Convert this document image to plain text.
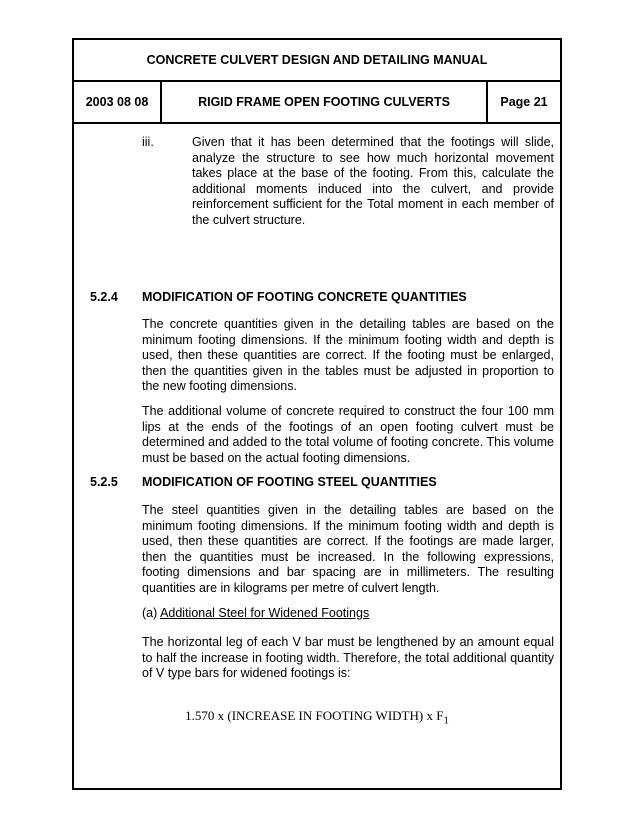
CONCRETE CULVERT DESIGN AND DETAILING MANUAL
2003 08 08	RIGID FRAME OPEN FOOTING CULVERTS	Page 21
iii.	Given that it has been determined that the footings will slide, analyze the structure to see how much horizontal movement takes place at the base of the footing. From this, calculate the additional moments induced into the culvert, and provide reinforcement sufficient for the Total moment in each member of the culvert structure.
5.2.4 MODIFICATION OF FOOTING CONCRETE QUANTITIES
The concrete quantities given in the detailing tables are based on the minimum footing dimensions. If the minimum footing width and depth is used, then these quantities are correct. If the footing must be enlarged, then the quantities given in the tables must be adjusted in proportion to the new footing dimensions.
The additional volume of concrete required to construct the four 100 mm lips at the ends of the footings of an open footing culvert must be determined and added to the total volume of footing concrete. This volume must be based on the actual footing dimensions.
5.2.5 MODIFICATION OF FOOTING STEEL QUANTITIES
The steel quantities given in the detailing tables are based on the minimum footing dimensions. If the minimum footing width and depth is used, then these quantities are correct. If the footings are made larger, then the quantities must be increased. In the following expressions, footing dimensions and bar spacing are in millimeters. The resulting quantities are in kilograms per metre of culvert length.
(a) Additional Steel for Widened Footings
The horizontal leg of each V bar must be lengthened by an amount equal to half the increase in footing width. Therefore, the total additional quantity of V type bars for widened footings is:
1.570 x (INCREASE IN FOOTING WIDTH) x $F_1$
